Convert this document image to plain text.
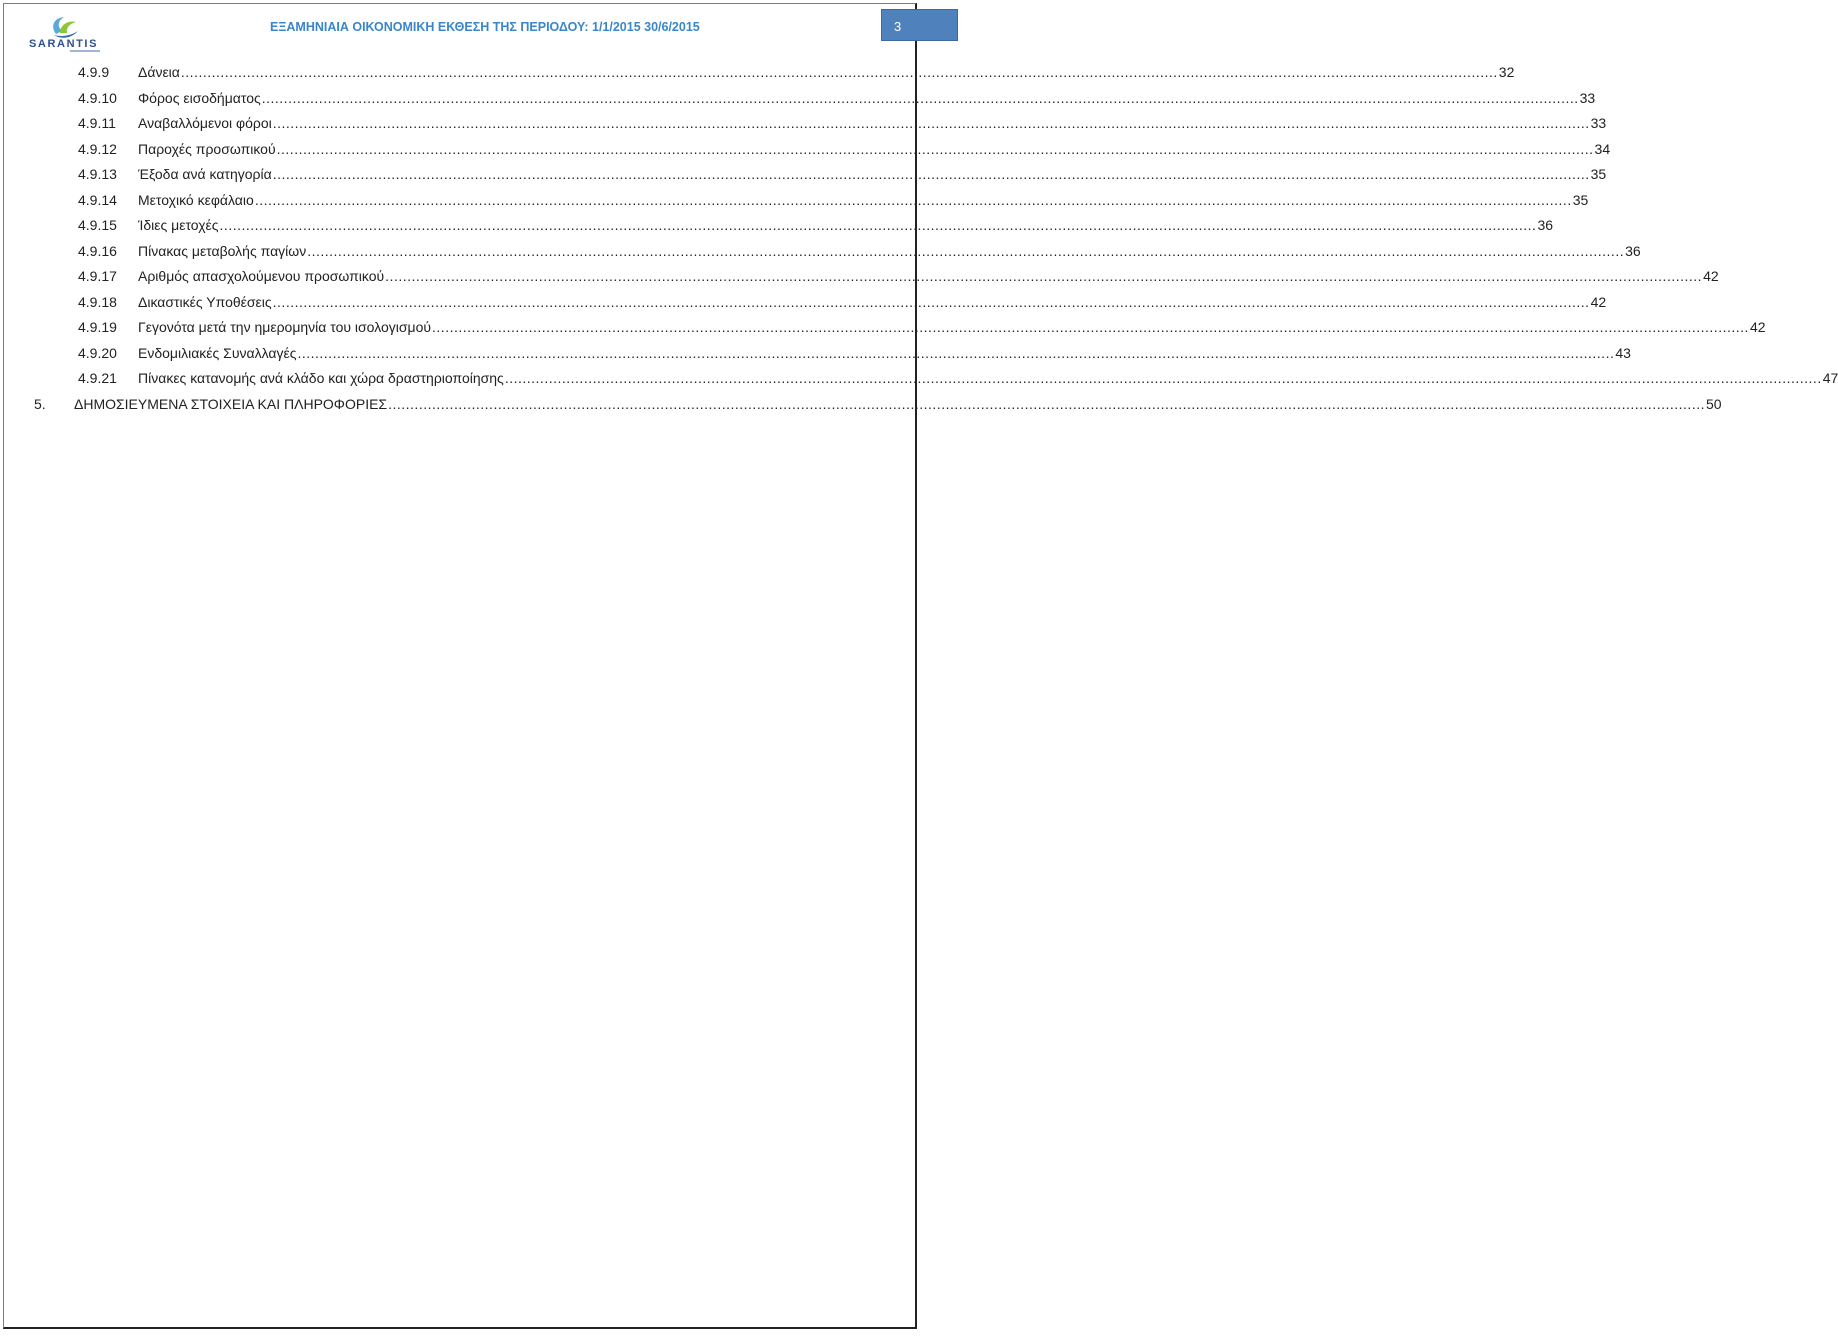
SARANTIS
ΕΞΑΜΗΝΙΑΙΑ ΟΙΚΟΝΟΜΙΚΗ ΕΚΘΕΣΗ ΤΗΣ ΠΕΡΙΟΔΟΥ: 1/1/2015 30/6/2015	3
4.9.9	Δάνεια ............................................................................................................................................................................................................................................................................................................ 32
4.9.10	Φόρος εισοδήματος ............................................................................................................................................................................................................................................................................................................ 33
4.9.11	Αναβαλλόμενοι φόροι ............................................................................................................................................................................................................................................................................................................ 33
4.9.12	Παροχές προσωπικού ............................................................................................................................................................................................................................................................................................................ 34
4.9.13	Έξοδα ανά κατηγορία ............................................................................................................................................................................................................................................................................................................ 35
4.9.14	Μετοχικό κεφάλαιο ............................................................................................................................................................................................................................................................................................................ 35
4.9.15	Ίδιες μετοχές ............................................................................................................................................................................................................................................................................................................ 36
4.9.16	Πίνακας μεταβολής παγίων ............................................................................................................................................................................................................................................................................................................ 36
4.9.17	Αριθμός απασχολούμενου προσωπικού ............................................................................................................................................................................................................................................................................................................ 42
4.9.18	Δικαστικές Υποθέσεις ............................................................................................................................................................................................................................................................................................................ 42
4.9.19	Γεγονότα μετά την ημερομηνία του ισολογισμού ............................................................................................................................................................................................................................................................................................................ 42
4.9.20	Ενδομιλιακές Συναλλαγές ............................................................................................................................................................................................................................................................................................................ 43
4.9.21	Πίνακες κατανομής ανά κλάδο και χώρα δραστηριοποίησης ............................................................................................................................................................................................................................................................................................................ 47
5.	ΔΗΜΟΣΙΕΥΜΕΝΑ ΣΤΟΙΧΕΙΑ ΚΑΙ ΠΛΗΡΟΦΟΡΙΕΣ ............................................................................................................................................................................................................................................................................................................ 50
